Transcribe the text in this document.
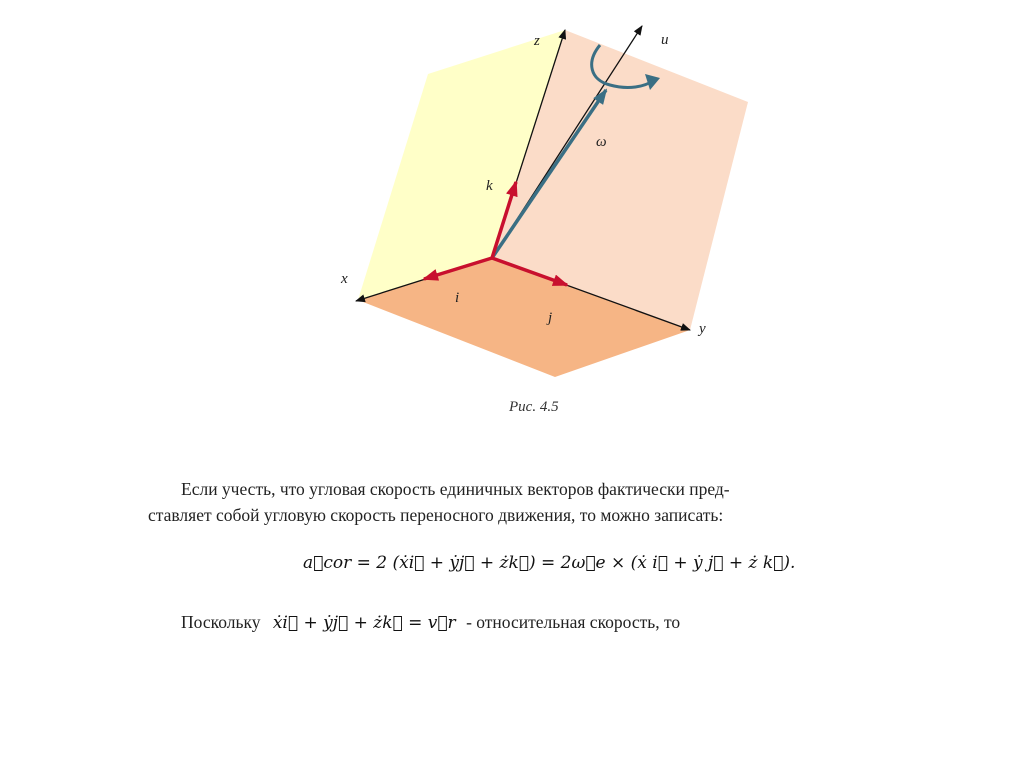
x
y
z	u
i⃗
j⃗
k⃗
ω⃗
Рис. 4.5
Если учесть, что угловая скорость единичных векторов фактически пред-
ставляет собой угловую скорость переносного движения, то можно записать:
a⃗cor = 2 (ẋi⃗ + ẏj⃗ + żk⃗) = 2ω⃗e × (ẋ i⃗ + ẏ j⃗ + ż k⃗).
Поскольку ẋi⃗ + ẏj⃗ + żk⃗ = v⃗r - относительная скорость, то
